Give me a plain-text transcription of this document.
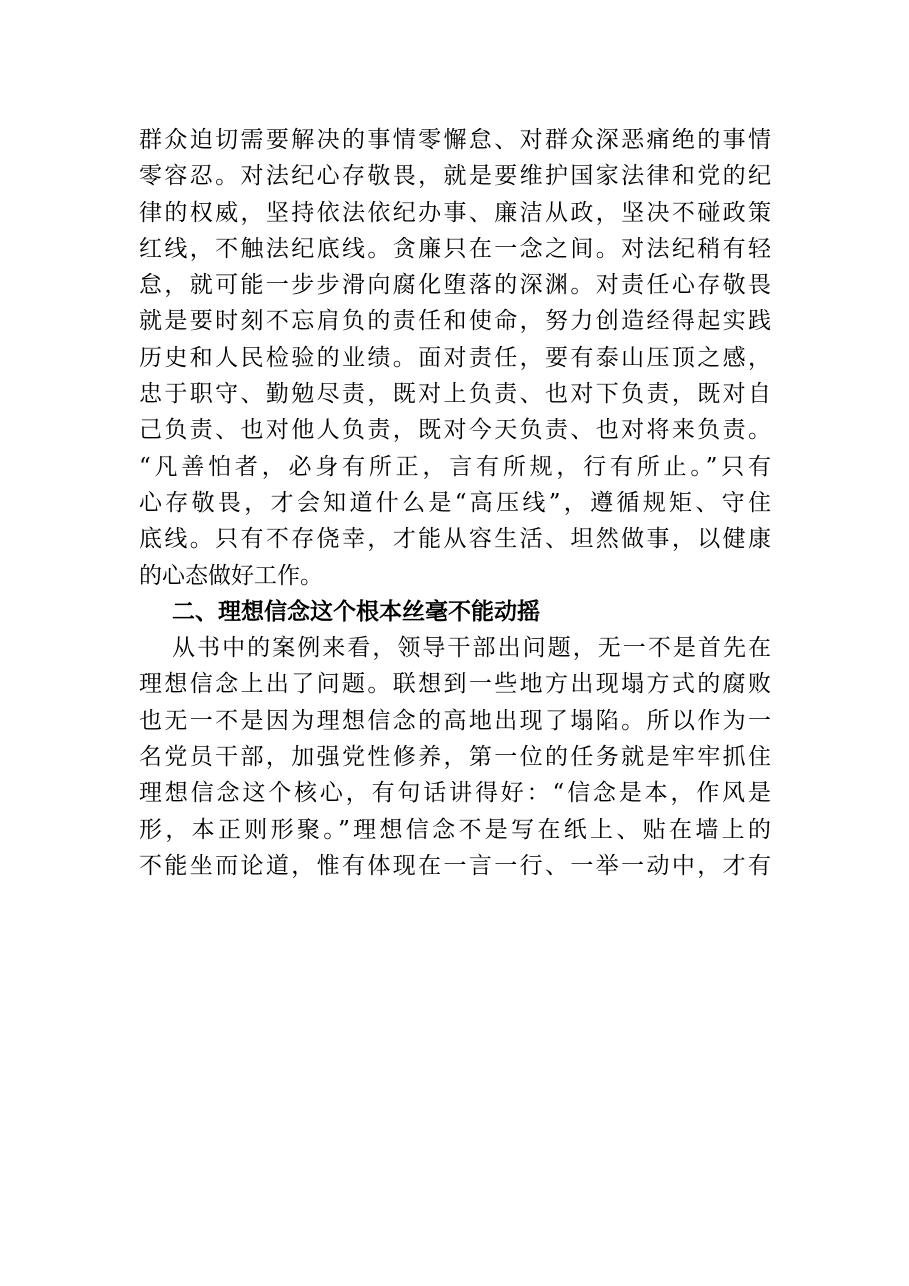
群众迫切需要解决的事情零懈怠、对群众深恶痛绝的事情
零容忍。对法纪心存敬畏，就是要维护国家法律和党的纪
律的权威，坚持依法依纪办事、廉洁从政，坚决不碰政策
红线，不触法纪底线。贪廉只在一念之间。对法纪稍有轻
怠，就可能一步步滑向腐化堕落的深渊。对责任心存敬畏
就是要时刻不忘肩负的责任和使命，努力创造经得起实践
历史和人民检验的业绩。面对责任，要有泰山压顶之感，
忠于职守、勤勉尽责，既对上负责、也对下负责，既对自
己负责、也对他人负责，既对今天负责、也对将来负责。
“凡善怕者，必身有所正，言有所规，行有所止。”只有
心存敬畏，才会知道什么是“高压线”，遵循规矩、守住
底线。只有不存侥幸，才能从容生活、坦然做事，以健康
的心态做好工作。
二、理想信念这个根本丝毫不能动摇
从书中的案例来看，领导干部出问题，无一不是首先在
理想信念上出了问题。联想到一些地方出现塌方式的腐败
也无一不是因为理想信念的高地出现了塌陷。所以作为一
名党员干部，加强党性修养，第一位的任务就是牢牢抓住
理想信念这个核心，有句话讲得好：“信念是本，作风是
形，本正则形聚。”理想信念不是写在纸上、贴在墙上的
不能坐而论道，惟有体现在一言一行、一举一动中，才有
